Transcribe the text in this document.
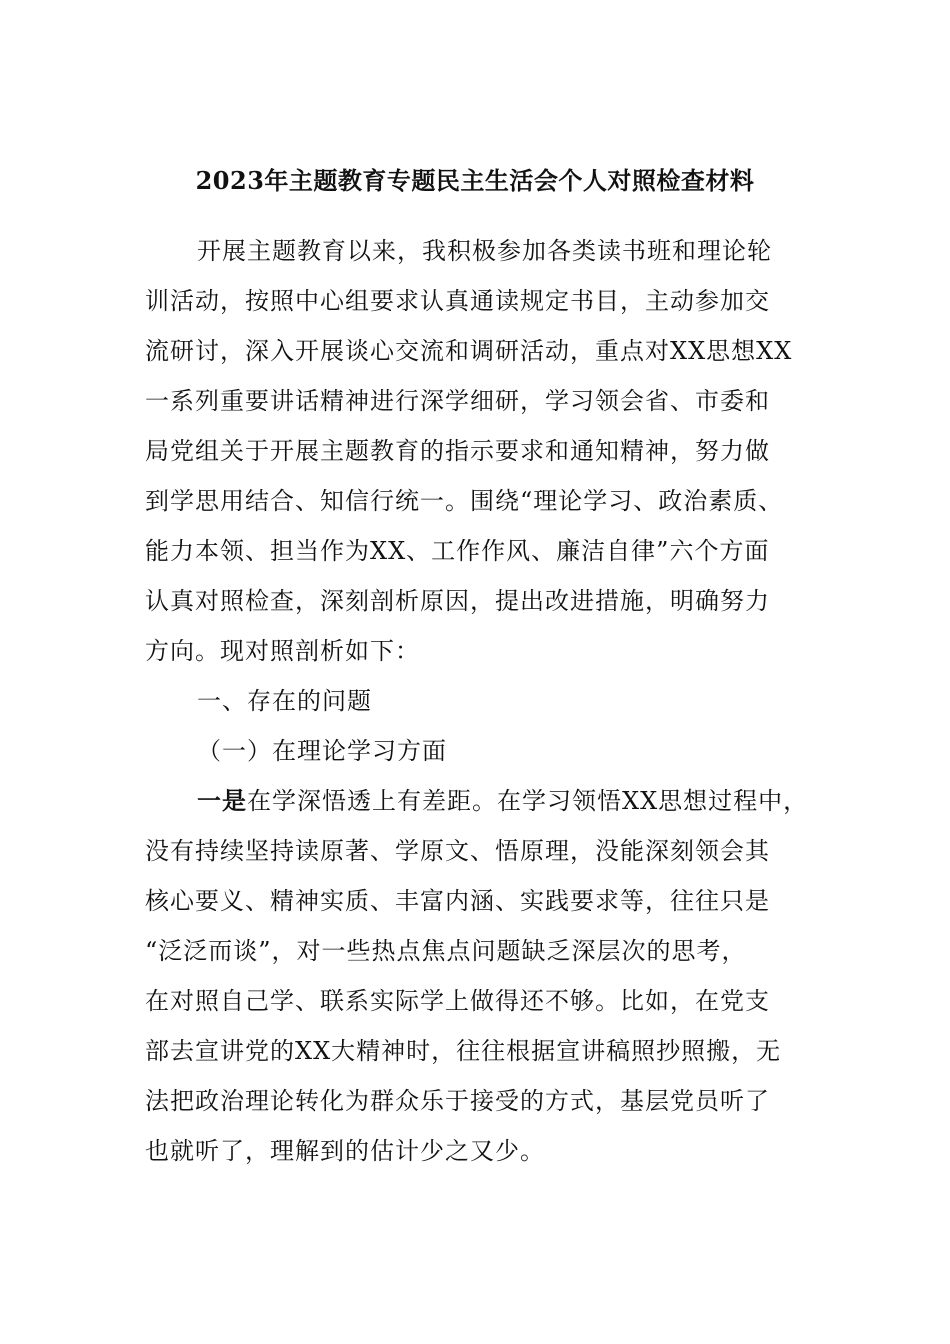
2023年主题教育专题民主生活会个人对照检查材料
开展主题教育以来，我积极参加各类读书班和理论轮
训活动，按照中心组要求认真通读规定书目，主动参加交
流研讨，深入开展谈心交流和调研活动，重点对XX思想XX
一系列重要讲话精神进行深学细研，学习领会省、市委和
局党组关于开展主题教育的指示要求和通知精神，努力做
到学思用结合、知信行统一。围绕“理论学习、政治素质、
能力本领、担当作为XX、工作作风、廉洁自律”六个方面
认真对照检查，深刻剖析原因，提出改进措施，明确努力
方向。现对照剖析如下：
一、存在的问题
（一）在理论学习方面
一是在学深悟透上有差距。在学习领悟XX思想过程中，
没有持续坚持读原著、学原文、悟原理，没能深刻领会其
核心要义、精神实质、丰富内涵、实践要求等，往往只是
“泛泛而谈”，对一些热点焦点问题缺乏深层次的思考，
在对照自己学、联系实际学上做得还不够。比如，在党支
部去宣讲党的XX大精神时，往往根据宣讲稿照抄照搬，无
法把政治理论转化为群众乐于接受的方式，基层党员听了
也就听了，理解到的估计少之又少。
